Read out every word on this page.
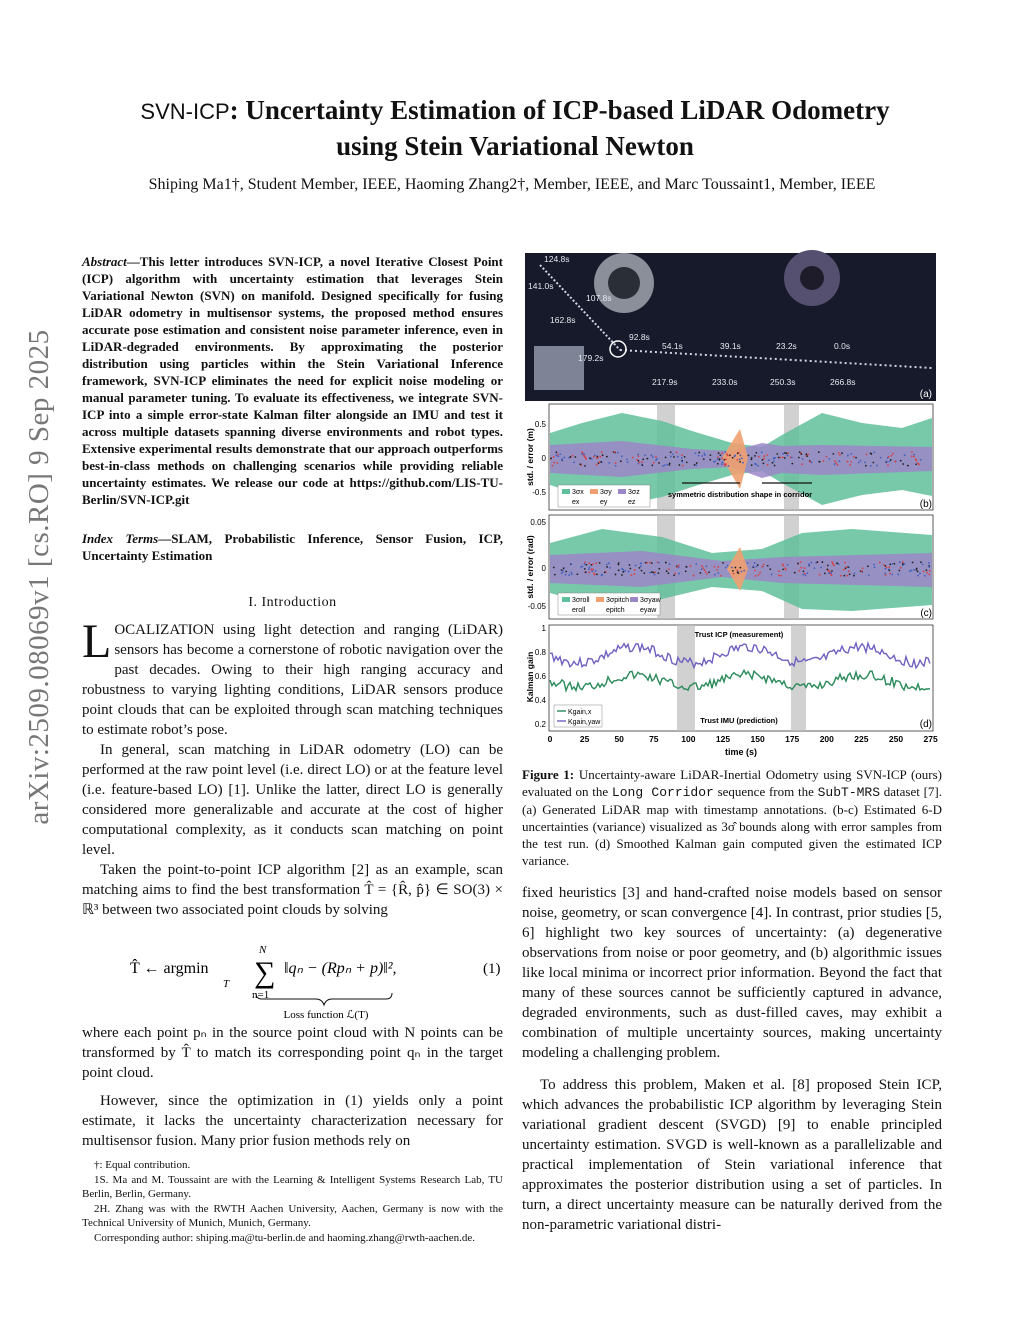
arXiv:2509.08069v1 [cs.RO] 9 Sep 2025
SVN-ICP: Uncertainty Estimation of ICP-based LiDAR Odometry
using Stein Variational Newton
Shiping Ma1†, Student Member, IEEE, Haoming Zhang2†, Member, IEEE, and Marc Toussaint1, Member, IEEE
Abstract—This letter introduces SVN-ICP, a novel Iterative Closest Point (ICP) algorithm with uncertainty estimation that leverages Stein Variational Newton (SVN) on manifold. Designed specifically for fusing LiDAR odometry in multisensor systems, the proposed method ensures accurate pose estimation and consistent noise parameter inference, even in LiDAR-degraded environments. By approximating the posterior distribution using particles within the Stein Variational Inference framework, SVN-ICP eliminates the need for explicit noise modeling or manual parameter tuning. To evaluate its effectiveness, we integrate SVN-ICP into a simple error-state Kalman filter alongside an IMU and test it across multiple datasets spanning diverse environments and robot types. Extensive experimental results demonstrate that our approach outperforms best-in-class methods on challenging scenarios while providing reliable uncertainty estimates. We release our code at https://github.com/LIS-TU-Berlin/SVN-ICP.git
Index Terms—SLAM, Probabilistic Inference, Sensor Fusion, ICP, Uncertainty Estimation
I. Introduction

LOCALIZATION using light detection and ranging (LiDAR) sensors has become a cornerstone of robotic navigation over the past decades. Owing to their high ranging accuracy and robustness to varying lighting conditions, LiDAR sensors produce point clouds that can be exploited through scan matching techniques to estimate robot’s pose.

In general, scan matching in LiDAR odometry (LO) can be performed at the raw point level (i.e. direct LO) or at the feature level (i.e. feature-based LO) [1]. Unlike the latter, direct LO is generally considered more generalizable and accurate at the cost of higher computational complexity, as it conducts scan matching on point level.

Taken the point-to-point ICP algorithm [2] as an example, scan matching aims to find the best transformation T̂ = {R̂, p̂} ∈ SO(3) × ℝ³ between two associated point clouds by solving

T̂ ← argmin
T
N
∑
n=1
‖qₙ − (Rpₙ + p)‖²,	(1)
Loss function ℒ(T)

where each point pₙ in the source point cloud with N points can be transformed by T̂ to match its corresponding point qₙ in the target point cloud.

However, since the optimization in (1) yields only a point estimate, it lacks the uncertainty characterization necessary for multisensor fusion. Many prior fusion methods rely on

†: Equal contribution.
1S. Ma and M. Toussaint are with the Learning & Intelligent Systems Research Lab, TU Berlin, Berlin, Germany.
2H. Zhang was with the RWTH Aachen University, Aachen, Germany is now with the Technical University of Munich, Munich, Germany.
Corresponding author: shiping.ma@tu-berlin.de and haoming.zhang@rwth-aachen.de.
124.8s
141.0s
107.8s
162.8s
92.8s
179.2s
54.1s	39.1s	23.2s	0.0s
217.9s	233.0s	250.3s	266.8s
(a)
symmetric distribution shape in corridor
3σx 3σy 3σz
ex	ey	ez	(b)
0.5
0
-0.5
std. / error (m)
3σroll 3σpitch 3σyaw
eroll	epitch eyaw	(c)
0.05
0
-0.05
std. / error (rad)
Trust ICP (measurement)
Trust IMU (prediction)
Kgain,x
Kgain,yaw	(d)
1
0.8
0.6
0.4
0.2
0	25	50	75	100 125 150 175 200 225 250 275
Kalman gain
time (s)
Figure 1: Uncertainty-aware LiDAR-Inertial Odometry using SVN-ICP (ours) evaluated on the Long Corridor sequence from the SubT-MRS dataset [7]. (a) Generated LiDAR map with timestamp annotations. (b-c) Estimated 6-D uncertainties (variance) visualized as 3σ̂ bounds along with error samples from the test run. (d) Smoothed Kalman gain computed given the estimated ICP variance.

fixed heuristics [3] and hand-crafted noise models based on sensor noise, geometry, or scan convergence [4]. In contrast, prior studies [5, 6] highlight two key sources of uncertainty: (a) degenerative observations from noise or poor geometry, and (b) algorithmic issues like local minima or incorrect prior information. Beyond the fact that many of these sources cannot be sufficiently captured in advance, degraded environments, such as dust-filled caves, may exhibit a combination of multiple uncertainty sources, making uncertainty modeling a challenging problem.

To address this problem, Maken et al. [8] proposed Stein ICP, which advances the probabilistic ICP algorithm by leveraging Stein variational gradient descent (SVGD) [9] to enable principled uncertainty estimation. SVGD is well-known as a parallelizable and practical implementation of Stein variational inference that approximates the posterior distribution using a set of particles. In turn, a direct uncertainty measure can be naturally derived from the non-parametric variational distri-
